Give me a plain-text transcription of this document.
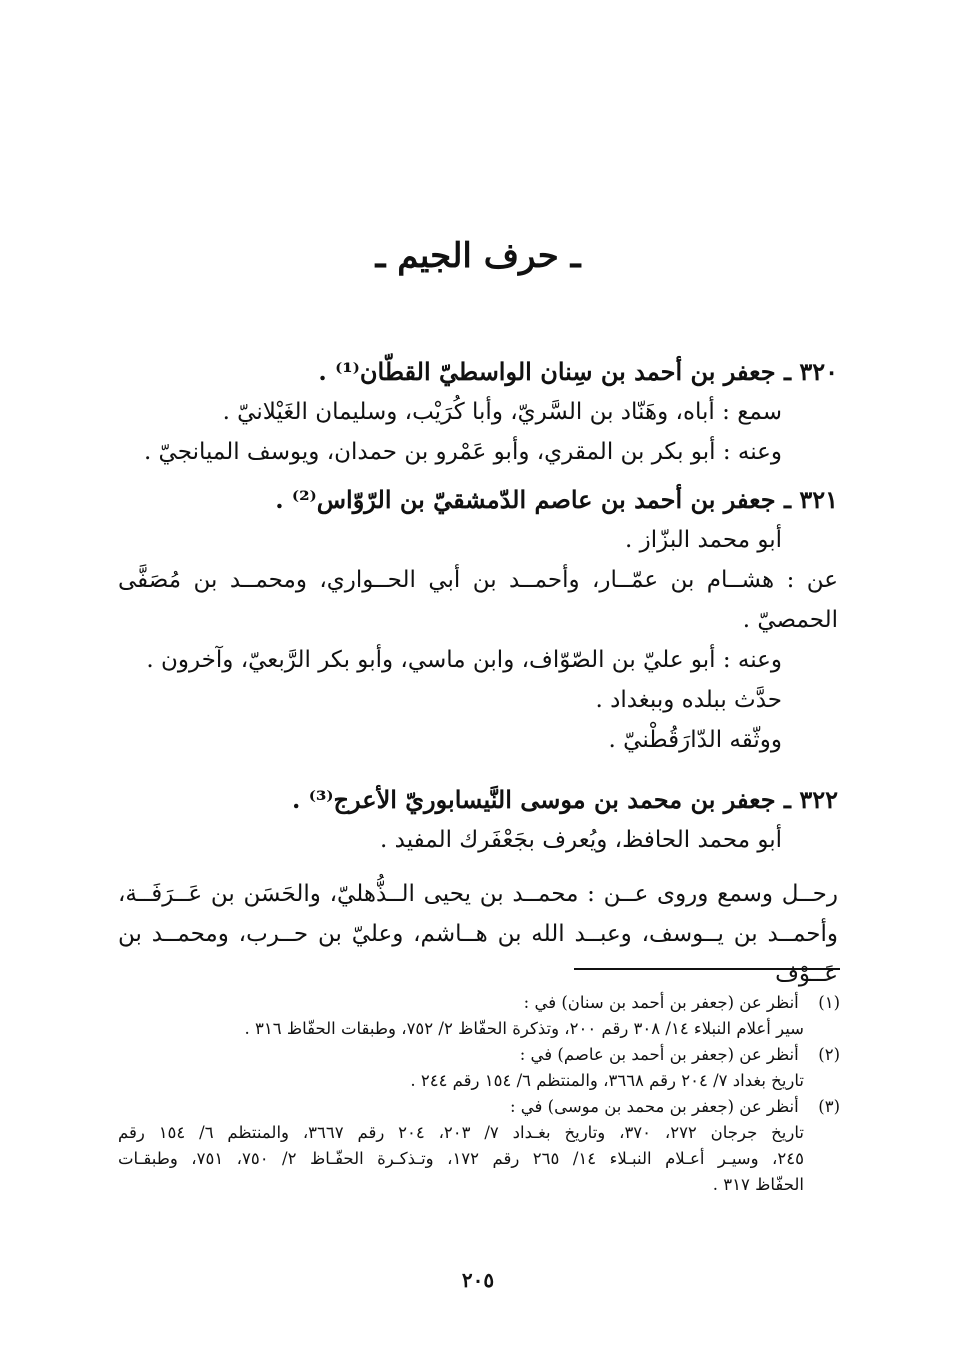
ـ حرف الجيم ـ
٣٢٠ ـ جعفر بن أحمد بن سِنان الواسطيّ القطّان⁽¹⁾ .
سمع : أباه، وهَنّاد بن السَّريّ، وأبا كُرَيْب، وسليمان الغَيْلانيّ .
وعنه : أبو بكر بن المقري، وأبو عَمْرو بن حمدان، ويوسف الميانجيّ .
٣٢١ ـ جعفر بن أحمد بن عاصم الدّمشقيّ بن الرّوّاس⁽²⁾ .
أبو محمد البزّاز .
عن : هشــام بن عمّــار، وأحمــد بن أبي الحــواري، ومحمــد بن مُصَفَّى
الحمصيّ .
وعنه : أبو عليّ بن الصّوّاف، وابن ماسي، وأبو بكر الرَّبعيّ، وآخرون .
حدَّث ببلده وببغداد .
ووثّقه الدّارَقُطْنيّ .
٣٢٢ ـ جعفر بن محمد بن موسى النَّيسابوريّ الأعرج⁽³⁾ .
أبو محمد الحافظ، ويُعرف بجَعْفَرك المفيد .
رحــل وسمع وروى عــن : محمــد بن يحيى الــذُّهليّ، والحَسَن بن عَــرَفَــة،
وأحمــد بن يــوسف، وعبــد الله بن هــاشم، وعليّ بن حــرب، ومحمــد بن عَــوْف
(١) أنظر عن (جعفر بن أحمد بن سنان) في :
سير أعلام النبلاء ١٤/ ٣٠٨ رقم ٢٠٠، وتذكرة الحفّاظ ٢/ ٧٥٢، وطبقات الحفّاظ ٣١٦ .
(٢) أنظر عن (جعفر بن أحمد بن عاصم) في :
تاريخ بغداد ٧/ ٢٠٤ رقم ٣٦٦٨، والمنتظم ٦/ ١٥٤ رقم ٢٤٤ .
(٣) أنظر عن (جعفر بن محمد بن موسى) في :
تاريخ جرجان ٢٧٢، ٣٧٠، وتاريخ بغـداد ٧/ ٢٠٣، ٢٠٤ رقم ٣٦٦٧، والمنتظم ٦/ ١٥٤ رقم
٢٤٥، وسيـر أعـلام النبـلاء ١٤/ ٢٦٥ رقم ١٧٢، وتـذكـرة الحفّـاظ ٢/ ٧٥٠، ٧٥١، وطبقـات
الحفّاظ ٣١٧ .
٢٠٥
